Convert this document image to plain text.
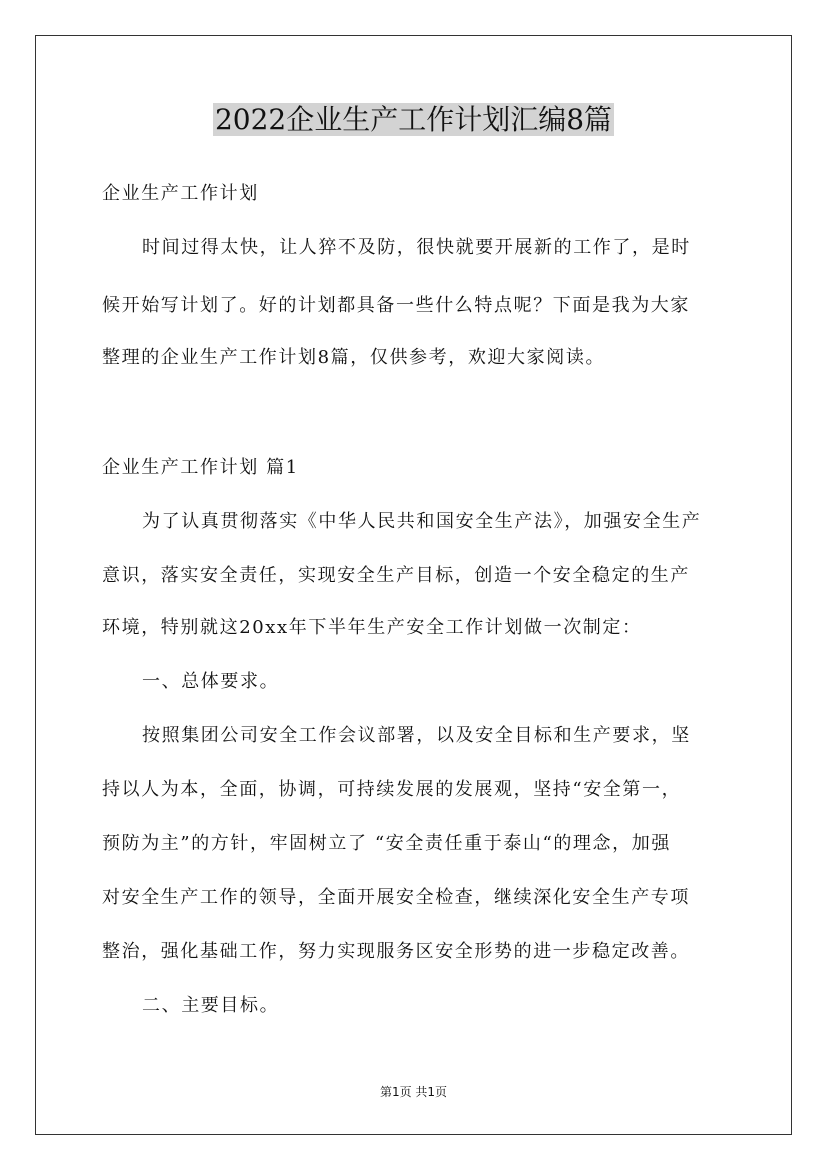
2022企业生产工作计划汇编8篇
企业生产工作计划
时间过得太快，让人猝不及防，很快就要开展新的工作了，是时
候开始写计划了。好的计划都具备一些什么特点呢？下面是我为大家
整理的企业生产工作计划8篇，仅供参考，欢迎大家阅读。
企业生产工作计划 篇1
为了认真贯彻落实《中华人民共和国安全生产法》，加强安全生产
意识，落实安全责任，实现安全生产目标，创造一个安全稳定的生产
环境，特别就这20xx年下半年生产安全工作计划做一次制定：
一、总体要求。
按照集团公司安全工作会议部署，以及安全目标和生产要求，坚
持以人为本，全面，协调，可持续发展的发展观，坚持“安全第一，
预防为主”的方针，牢固树立了 “安全责任重于泰山“的理念，加强
对安全生产工作的领导，全面开展安全检查，继续深化安全生产专项
整治，强化基础工作，努力实现服务区安全形势的进一步稳定改善。
二、主要目标。
第1页 共1页
